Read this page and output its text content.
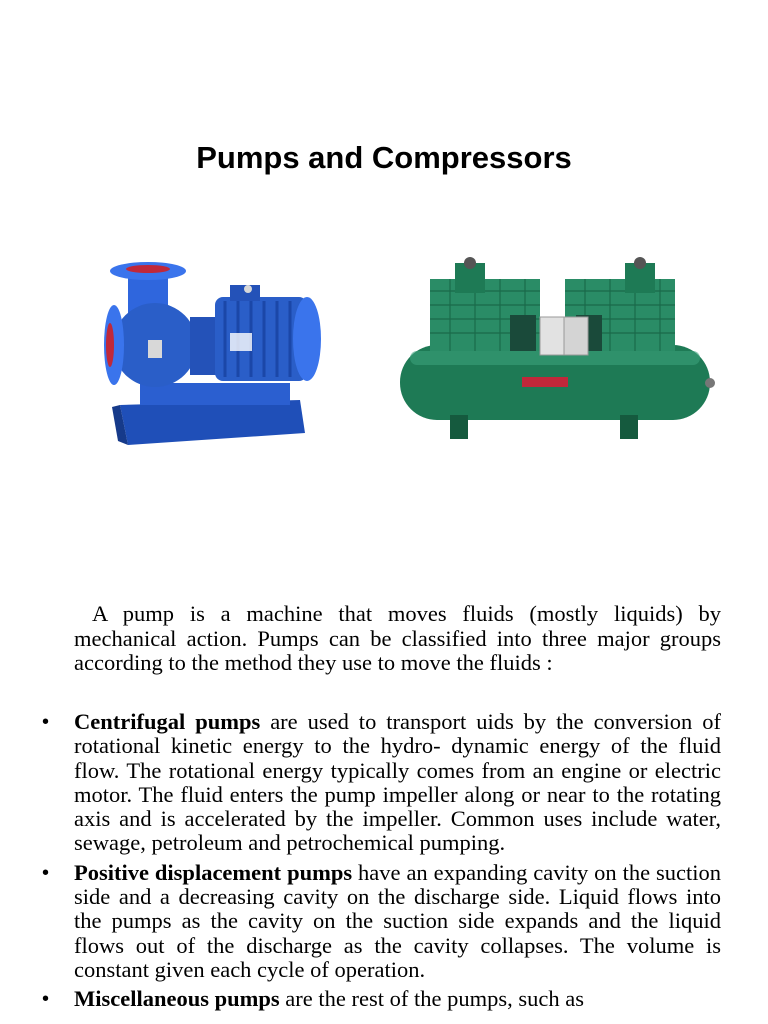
Pumps and Compressors
A pump is a machine that moves fluids (mostly liquids) by mechanical action. Pumps can be classified into three major groups according to the method they use to move the fluids :
• Centrifugal pumps are used to transport uids by the conversion of rotational kinetic energy to the hydro- dynamic energy of the fluid flow. The rotational energy typically comes from an engine or electric motor. The fluid enters the pump impeller along or near to the rotating axis and is accelerated by the impeller. Common uses include water, sewage, petroleum and petrochemical pumping.
• Positive displacement pumps have an expanding cavity on the suction side and a decreasing cavity on the discharge side. Liquid flows into the pumps as the cavity on the suction side expands and the liquid flows out of the discharge as the cavity collapses. The volume is constant given each cycle of operation.
• Miscellaneous pumps are the rest of the pumps, such as
